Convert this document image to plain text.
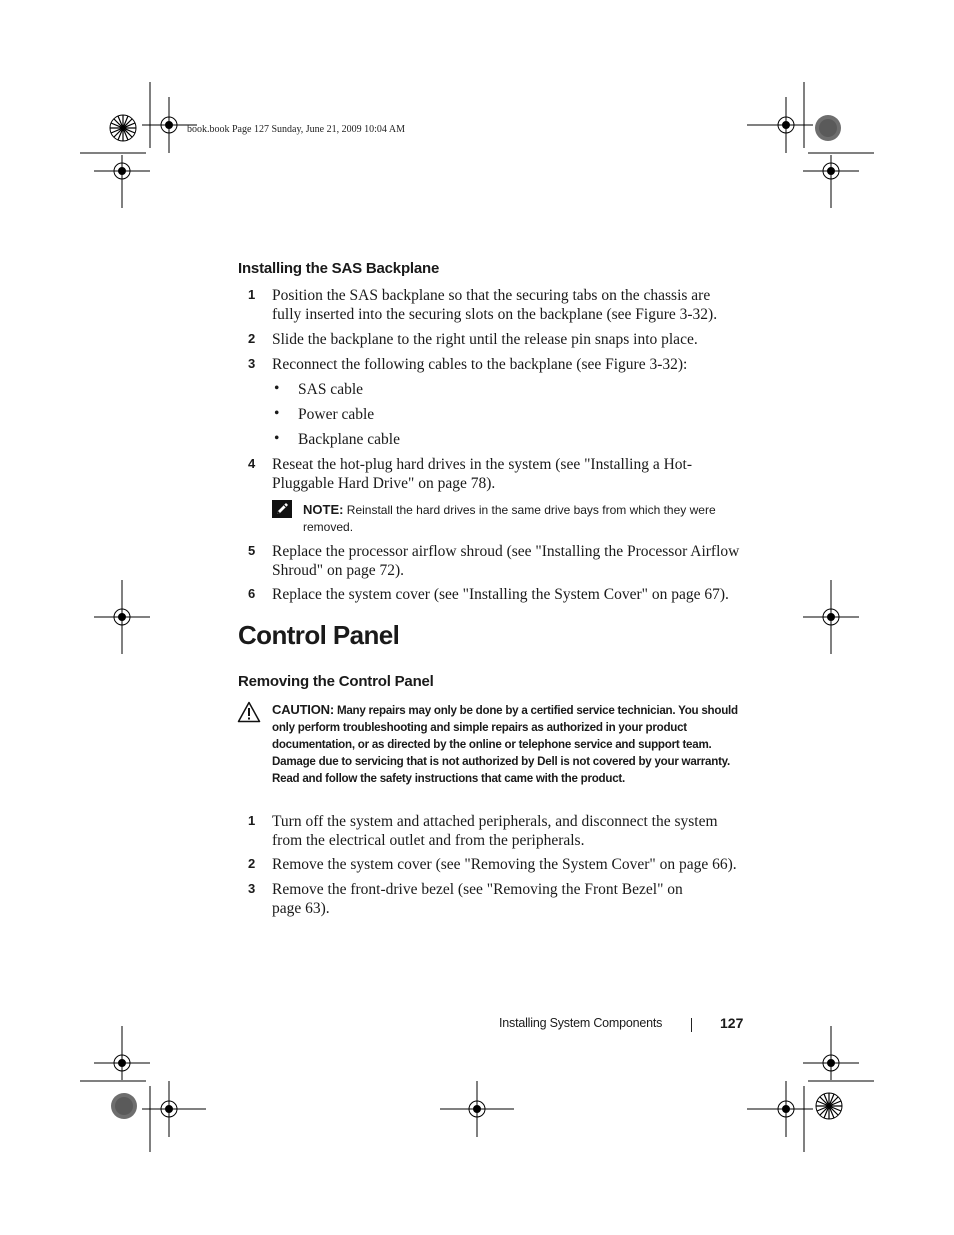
book.book Page 127 Sunday, June 21, 2009 10:04 AM
Installing the SAS Backplane
1 Position the SAS backplane so that the securing tabs on the chassis are fully inserted into the securing slots on the backplane (see Figure 3-32).
2 Slide the backplane to the right until the release pin snaps into place.
3 Reconnect the following cables to the backplane (see Figure 3-32):
• SAS cable
• Power cable
• Backplane cable
4 Reseat the hot-plug hard drives in the system (see "Installing a Hot-Pluggable Hard Drive" on page 78).
NOTE: Reinstall the hard drives in the same drive bays from which they were removed.
5 Replace the processor airflow shroud (see "Installing the Processor Airflow Shroud" on page 72).
6 Replace the system cover (see "Installing the System Cover" on page 67).
Control Panel
Removing the Control Panel
CAUTION: Many repairs may only be done by a certified service technician. You should only perform troubleshooting and simple repairs as authorized in your product documentation, or as directed by the online or telephone service and support team. Damage due to servicing that is not authorized by Dell is not covered by your warranty. Read and follow the safety instructions that came with the product.
1 Turn off the system and attached peripherals, and disconnect the system from the electrical outlet and from the peripherals.
2 Remove the system cover (see "Removing the System Cover" on page 66).
3 Remove the front-drive bezel (see "Removing the Front Bezel" on page 63).
Installing System Components	127
